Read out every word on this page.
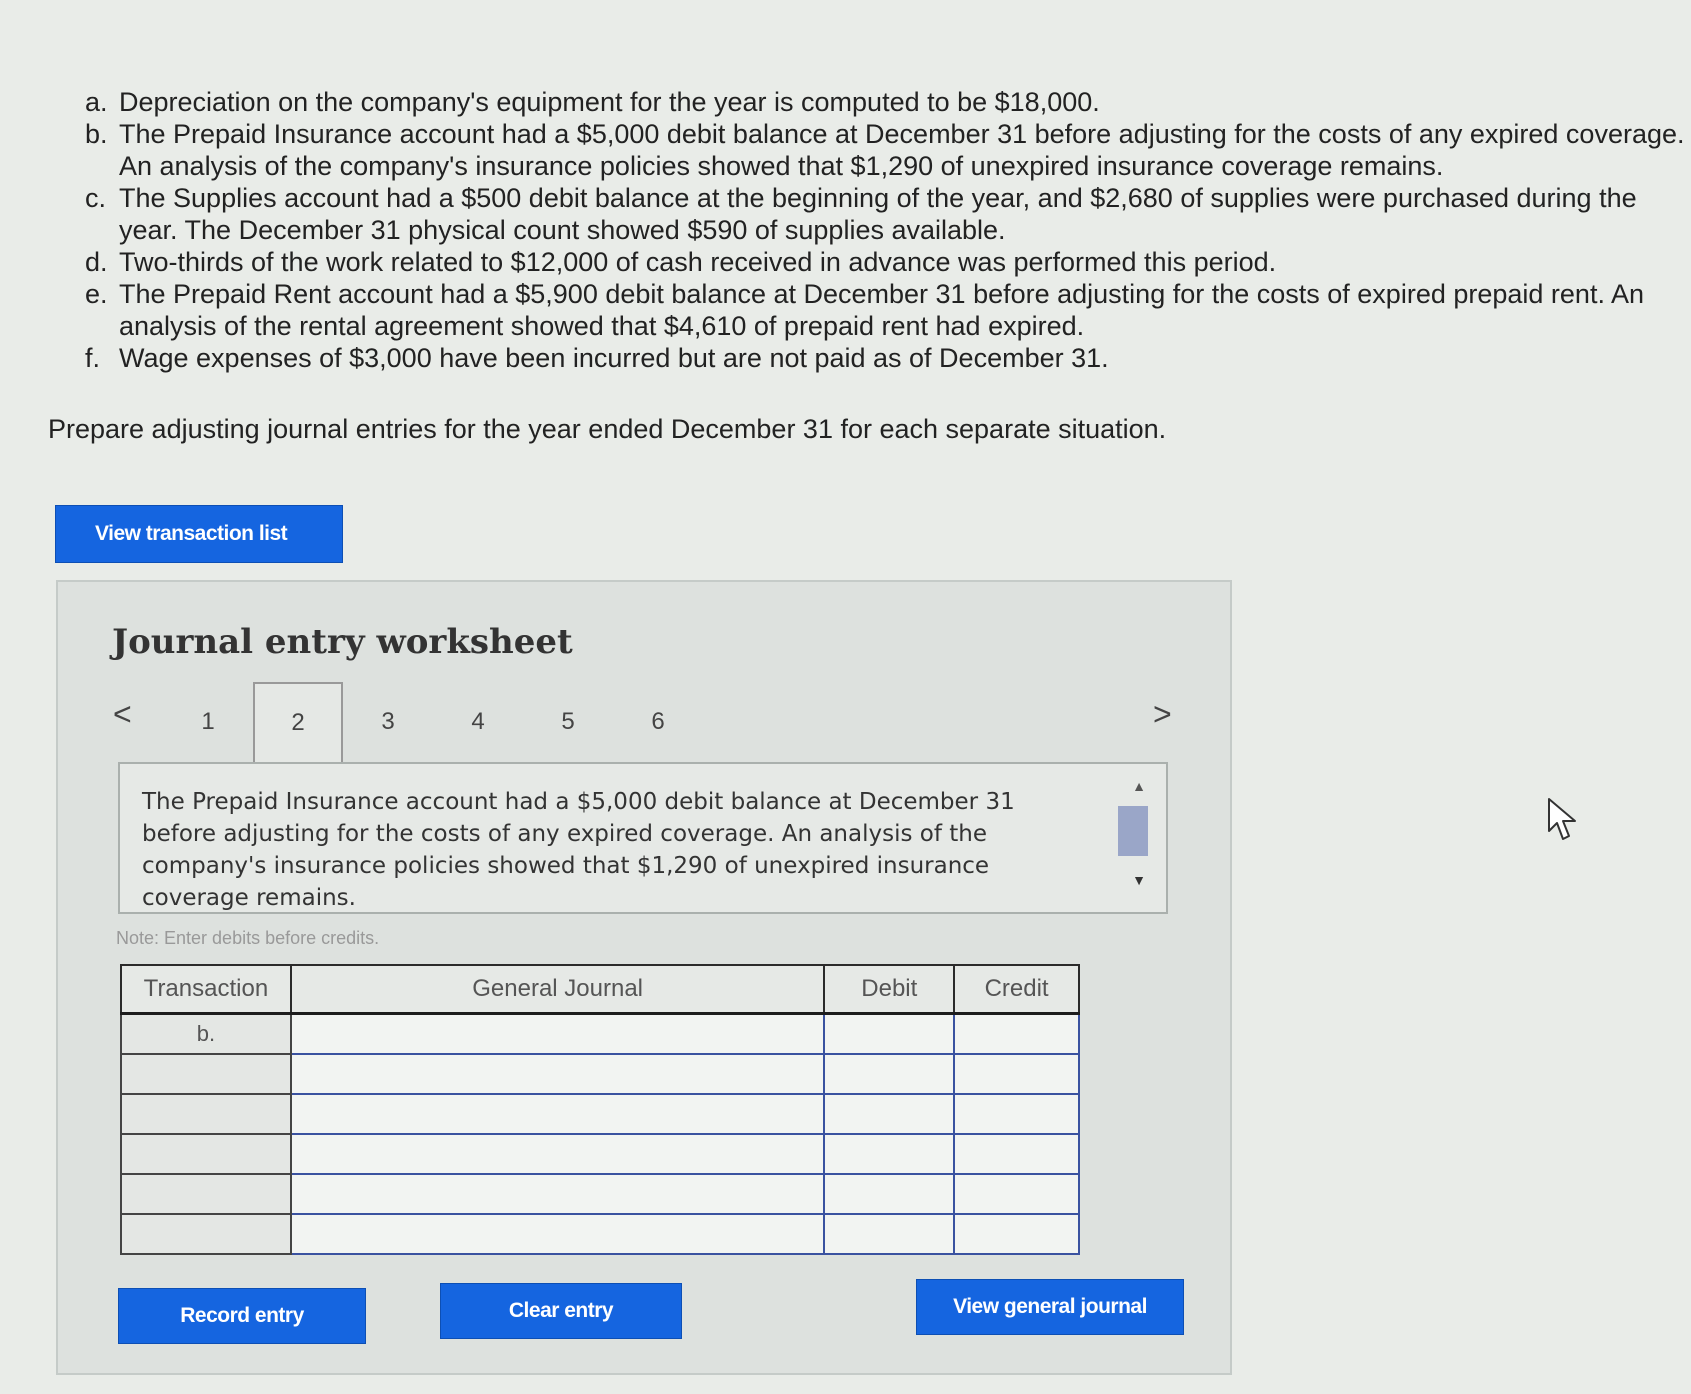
a. Depreciation on the company's equipment for the year is computed to be $18,000.
b. The Prepaid Insurance account had a $5,000 debit balance at December 31 before adjusting for the costs of any expired coverage. An analysis of the company's insurance policies showed that $1,290 of unexpired insurance coverage remains.
c. The Supplies account had a $500 debit balance at the beginning of the year, and $2,680 of supplies were purchased during the year. The December 31 physical count showed $590 of supplies available.
d. Two-thirds of the work related to $12,000 of cash received in advance was performed this period.
e. The Prepaid Rent account had a $5,900 debit balance at December 31 before adjusting for the costs of expired prepaid rent. An analysis of the rental agreement showed that $4,610 of prepaid rent had expired.
f. Wage expenses of $3,000 have been incurred but are not paid as of December 31.
Prepare adjusting journal entries for the year ended December 31 for each separate situation.
View transaction list
Journal entry worksheet
<	1	2	3	4	5	6	>
The Prepaid Insurance account had a $5,000 debit balance at December 31 before adjusting for the costs of any expired coverage. An analysis of the company's insurance policies showed that $1,290 of unexpired insurance coverage remains.
▲
▼
Note: Enter debits before credits.
Transaction	General Journal	Debit	Credit
b.			

Record entry	Clear entry	View general journal
